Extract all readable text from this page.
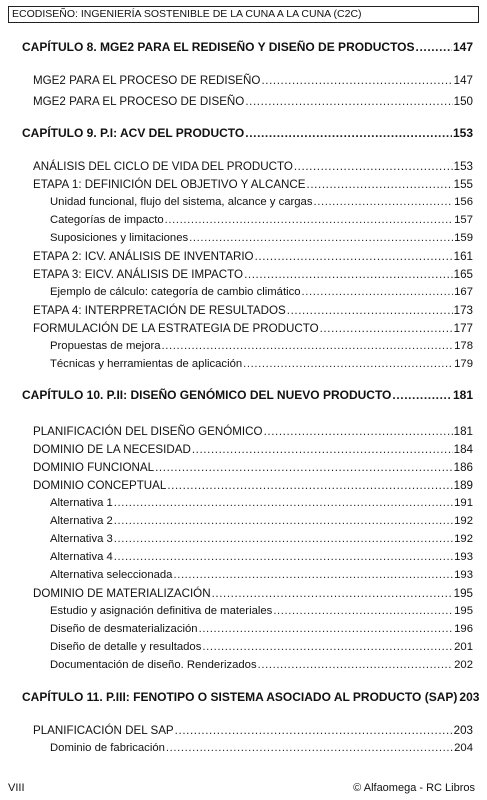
ECODISEÑO: INGENIERÍA SOSTENIBLE DE LA CUNA A LA CUNA (C2C)
CAPÍTULO 8. MGE2 PARA EL REDISEÑO Y DISEÑO DE PRODUCTOS .....	147
MGE2 PARA EL PROCESO DE REDISEÑO .....	147
MGE2 PARA EL PROCESO DE DISEÑO .....	150
CAPÍTULO 9. P.I: ACV DEL PRODUCTO .....	153
ANÁLISIS DEL CICLO DE VIDA DEL PRODUCTO .....	153
ETAPA 1: DEFINICIÓN DEL OBJETIVO Y ALCANCE .....	155
Unidad funcional, flujo del sistema, alcance y cargas .....	156
Categorías de impacto .....	157
Suposiciones y limitaciones .....	159
ETAPA 2: ICV. ANÁLISIS DE INVENTARIO .....	161
ETAPA 3: EICV. ANÁLISIS DE IMPACTO .....	165
Ejemplo de cálculo: categoría de cambio climático .....	167
ETAPA 4: INTERPRETACIÓN DE RESULTADOS .....	173
FORMULACIÓN DE LA ESTRATEGIA DE PRODUCTO .....	177
Propuestas de mejora .....	178
Técnicas y herramientas de aplicación .....	179
CAPÍTULO 10. P.II: DISEÑO GENÓMICO DEL NUEVO PRODUCTO .....	181
PLANIFICACIÓN DEL DISEÑO GENÓMICO .....	181
DOMINIO DE LA NECESIDAD .....	184
DOMINIO FUNCIONAL .....	186
DOMINIO CONCEPTUAL .....	189
Alternativa 1 .....	191
Alternativa 2 .....	192
Alternativa 3 .....	192
Alternativa 4 .....	193
Alternativa seleccionada .....	193
DOMINIO DE MATERIALIZACIÓN .....	195
Estudio y asignación definitiva de materiales .....	195
Diseño de desmaterialización .....	196
Diseño de detalle y resultados .....	201
Documentación de diseño. Renderizados .....	202
CAPÍTULO 11. P.III: FENOTIPO O SISTEMA ASOCIADO AL PRODUCTO (SAP) 203
PLANIFICACIÓN DEL SAP .....	203
Dominio de fabricación .....	204
VIII	© Alfaomega - RC Libros
